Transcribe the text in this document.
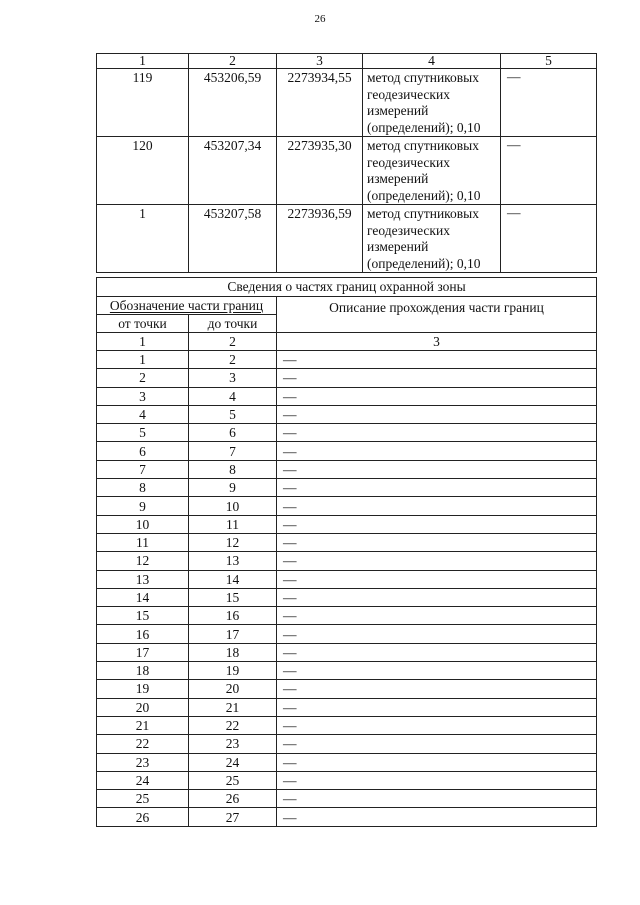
26
1	2	3	4	5
119	453206,59	2273934,55	метод спутниковых
геодезических
измерений
(определений); 0,10	—
120	453207,34	2273935,30	метод спутниковых
геодезических
измерений
(определений); 0,10	—
1	453207,58	2273936,59	метод спутниковых
геодезических
измерений
(определений); 0,10	—
Сведения о частях границ охранной зоны		
Обозначение части границ		Описание прохождения части границ
от точки	до точки	
1	2	3
1	2	—
2	3	—
3	4	—
4	5	—
5	6	—
6	7	—
7	8	—
8	9	—
9	10	—
10	11	—
11	12	—
12	13	—
13	14	—
14	15	—
15	16	—
16	17	—
17	18	—
18	19	—
19	20	—
20	21	—
21	22	—
22	23	—
23	24	—
24	25	—
25	26	—
26	27	—
